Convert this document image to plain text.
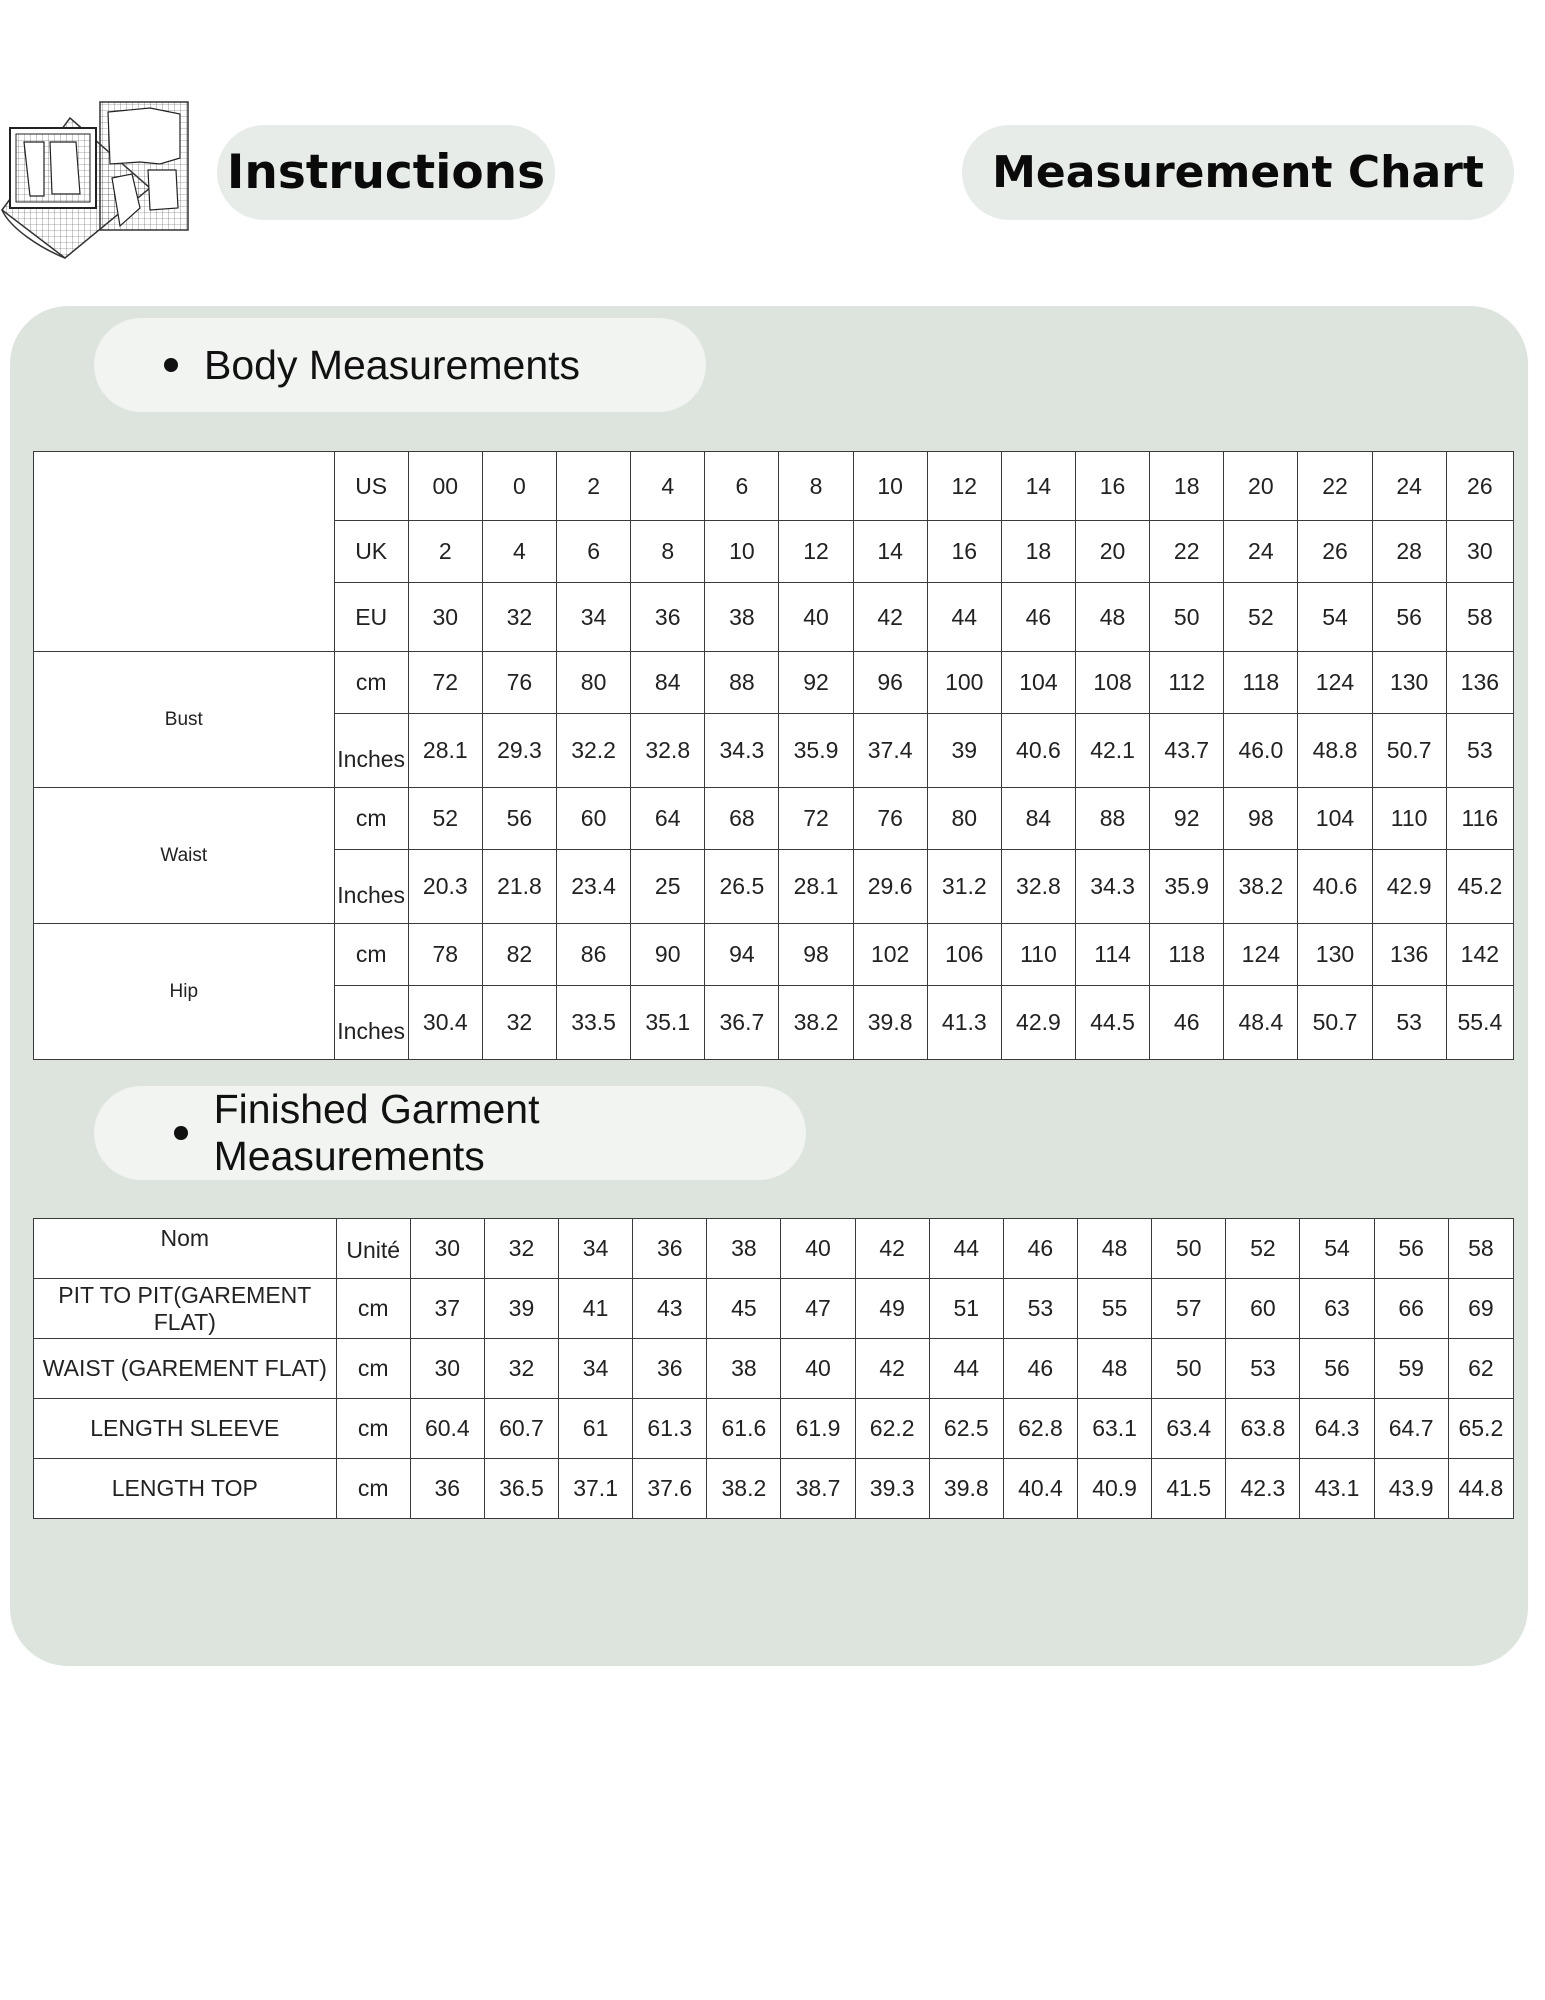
Instructions	Measurement Chart
Body Measurements
	US	00	0	2	4	6	8	10	12	14	16	18	20	22	24	26
	UK	2	4	6	8	10	12	14	16	18	20	22	24	26	28	30
	EU	30	32	34	36	38	40	42	44	46	48	50	52	54	56	58
Bust	cm	72	76	80	84	88	92	96	100	104	108	112	118	124	130	136
	Inches	28.1	29.3	32.2	32.8	34.3	35.9	37.4	39	40.6	42.1	43.7	46.0	48.8	50.7	53
Waist	cm	52	56	60	64	68	72	76	80	84	88	92	98	104	110	116
	Inches	20.3	21.8	23.4	25	26.5	28.1	29.6	31.2	32.8	34.3	35.9	38.2	40.6	42.9	45.2
Hip	cm	78	82	86	90	94	98	102	106	110	114	118	124	130	136	142
	Inches	30.4	32	33.5	35.1	36.7	38.2	39.8	41.3	42.9	44.5	46	48.4	50.7	53	55.4
Finished Garment Measurements
Nom	Unité	30	32	34	36	38	40	42	44	46	48	50	52	54	56	58
PIT TO PIT(GAREMENT FLAT)	cm	37	39	41	43	45	47	49	51	53	55	57	60	63	66	69
WAIST (GAREMENT FLAT)	cm	30	32	34	36	38	40	42	44	46	48	50	53	56	59	62
LENGTH SLEEVE	cm	60.4	60.7	61	61.3	61.6	61.9	62.2	62.5	62.8	63.1	63.4	63.8	64.3	64.7	65.2
LENGTH TOP	cm	36	36.5	37.1	37.6	38.2	38.7	39.3	39.8	40.4	40.9	41.5	42.3	43.1	43.9	44.8
